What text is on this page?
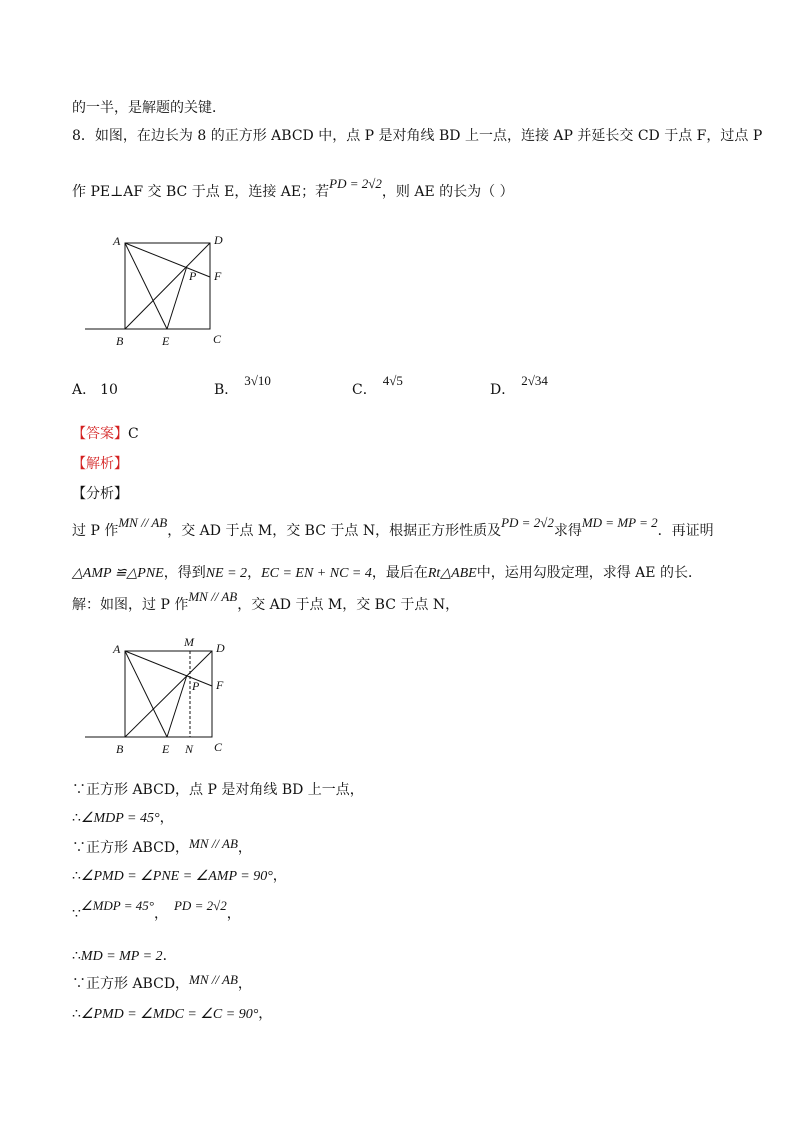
的一半，是解题的关键．
8．如图，在边长为 8 的正方形 ABCD 中，点 P 是对角线 BD 上一点，连接 AP 并延长交 CD 于点 F，过点 P
作 PE⊥AF 交 BC 于点 E，连接 AE；若PD = 2√2，则 AE 的长为（ ）
A	D
F
P
B	E	C
A． 10	B．3√10
C．4√5
D．2√34
【答案】C
【解析】
【分析】
过 P 作MN // AB，交 AD 于点 M，交 BC 于点 N，根据正方形性质及PD = 2√2求得MD = MP = 2．再证明
△AMP ≌△PNE，得到NE = 2，EC = EN + NC = 4，最后在Rt△ABE中，运用勾股定理，求得 AE 的长．
解：如图，过 P 作MN // AB，交 AD 于点 M，交 BC 于点 N，
A	M D
P F
B	E N C
∵正方形 ABCD，点 P 是对角线 BD 上一点，
∴∠MDP = 45°，
∵正方形 ABCD，MN // AB，
∴∠PMD = ∠PNE = ∠AMP = 90°，
∵∠MDP = 45°，PD = 2√2，
∴MD = MP = 2．
∵正方形 ABCD，MN // AB，
∴∠PMD = ∠MDC = ∠C = 90°，
